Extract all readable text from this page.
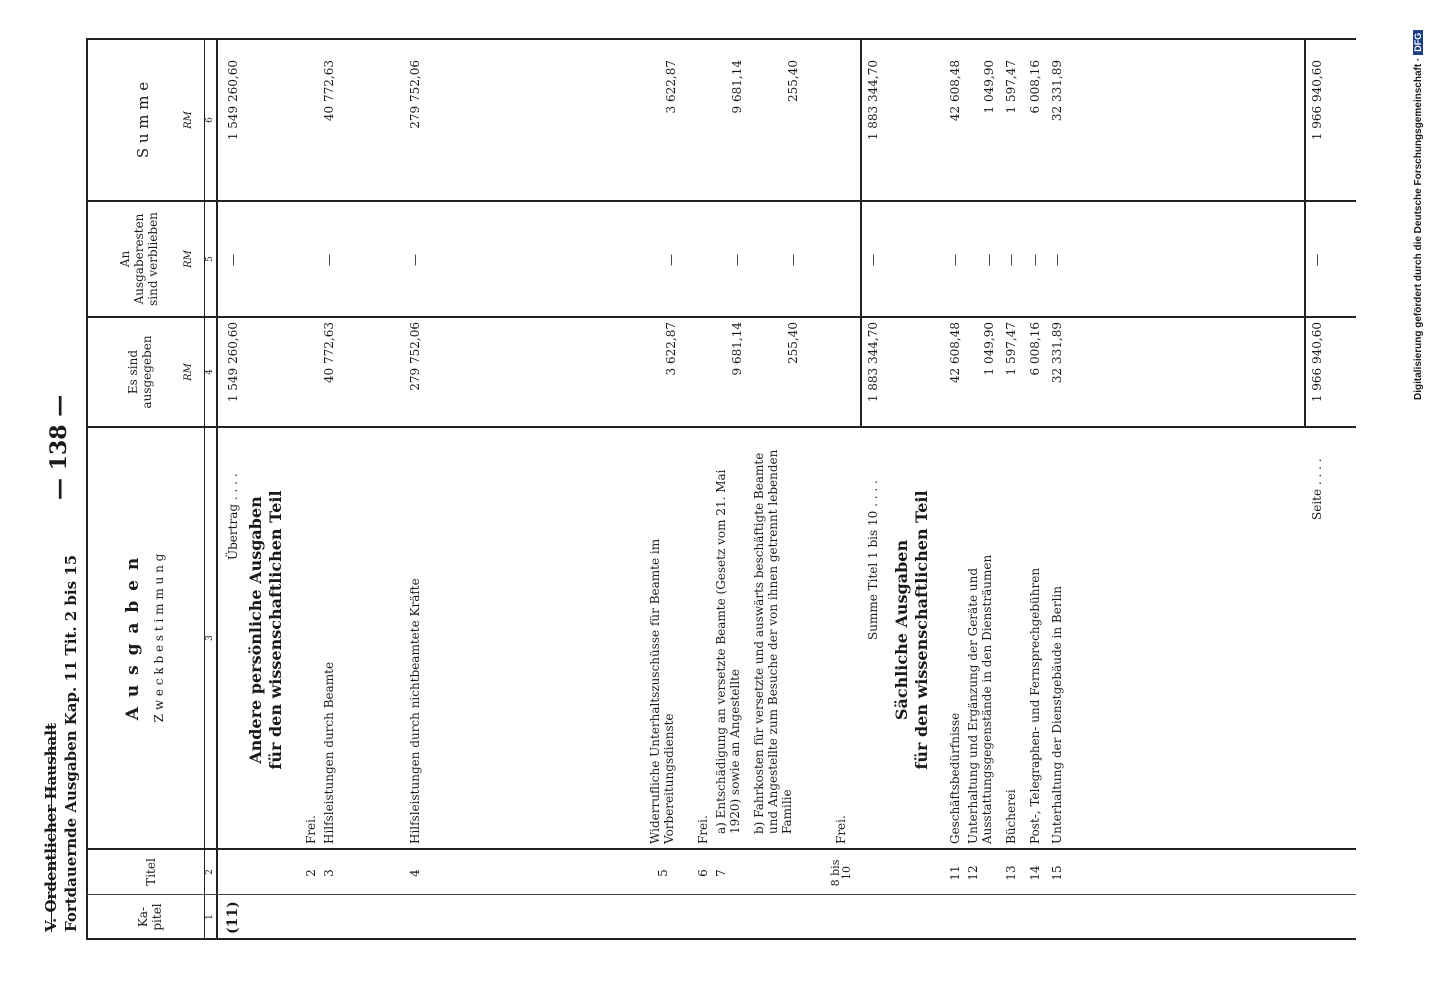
Digitalisierung gefördert durch die Deutsche Forschungsgemeinschaft ·DFG
V. Ordentlicher Haushalt Fortdauernde Ausgaben Kap. 11 Tit. 2 bis 15
— 138 —
Ka-
pitel
Titel
A u s g a b e n Z w e c k b e s t i m m u n g
Es sind
ausgegeben
An
Ausgaberesten
sind verblieben
S u m m e
RM
RM
RM
1
2
3
4
5
6
(11)
Übertrag . . . .
1 549 260,60
—
1 549 260,60
Andere persönliche Ausgaben
für den wissenschaftlichen Teil
2
Frei.
3
Hilfsleistungen durch Beamte
40 772,63
—
40 772,63
4
Hilfsleistungen durch nichtbeamtete Kräfte
279 752,06
—
279 752,06
5
Widerrufliche Unterhaltszuschüsse für Beamte im Vorbereitungsdienste
3 622,87
—
3 622,87
6
Frei.
7
a) Entschädigung an versetzte Beamte (Gesetz vom 21. Mai 1920) sowie an Angestellte
9 681,14
—
9 681,14
b) Fahrkosten für versetzte und auswärts beschäftigte Beamte und Angestellte zum Besuche der von ihnen getrennt lebenden Familie
255,40
—
255,40
8 bis 10
Frei.
Summe Titel 1 bis 10 . . . .
1 883 344,70
—
1 883 344,70
Sächliche Ausgaben
für den wissenschaftlichen Teil
11
Geschäftsbedürfnisse
42 608,48
—
42 608,48
12
Unterhaltung und Ergänzung der Geräte und Ausstattungsgegenstände in den Diensträumen
1 049,90
—
1 049,90
13
Bücherei
1 597,47
—
1 597,47
14
Post-, Telegraphen- und Fernsprechgebühren
6 008,16
—
6 008,16
15
Unterhaltung der Dienstgebäude in Berlin
32 331,89
—
32 331,89
Seite . . . .
1 966 940,60
—
1 966 940,60
